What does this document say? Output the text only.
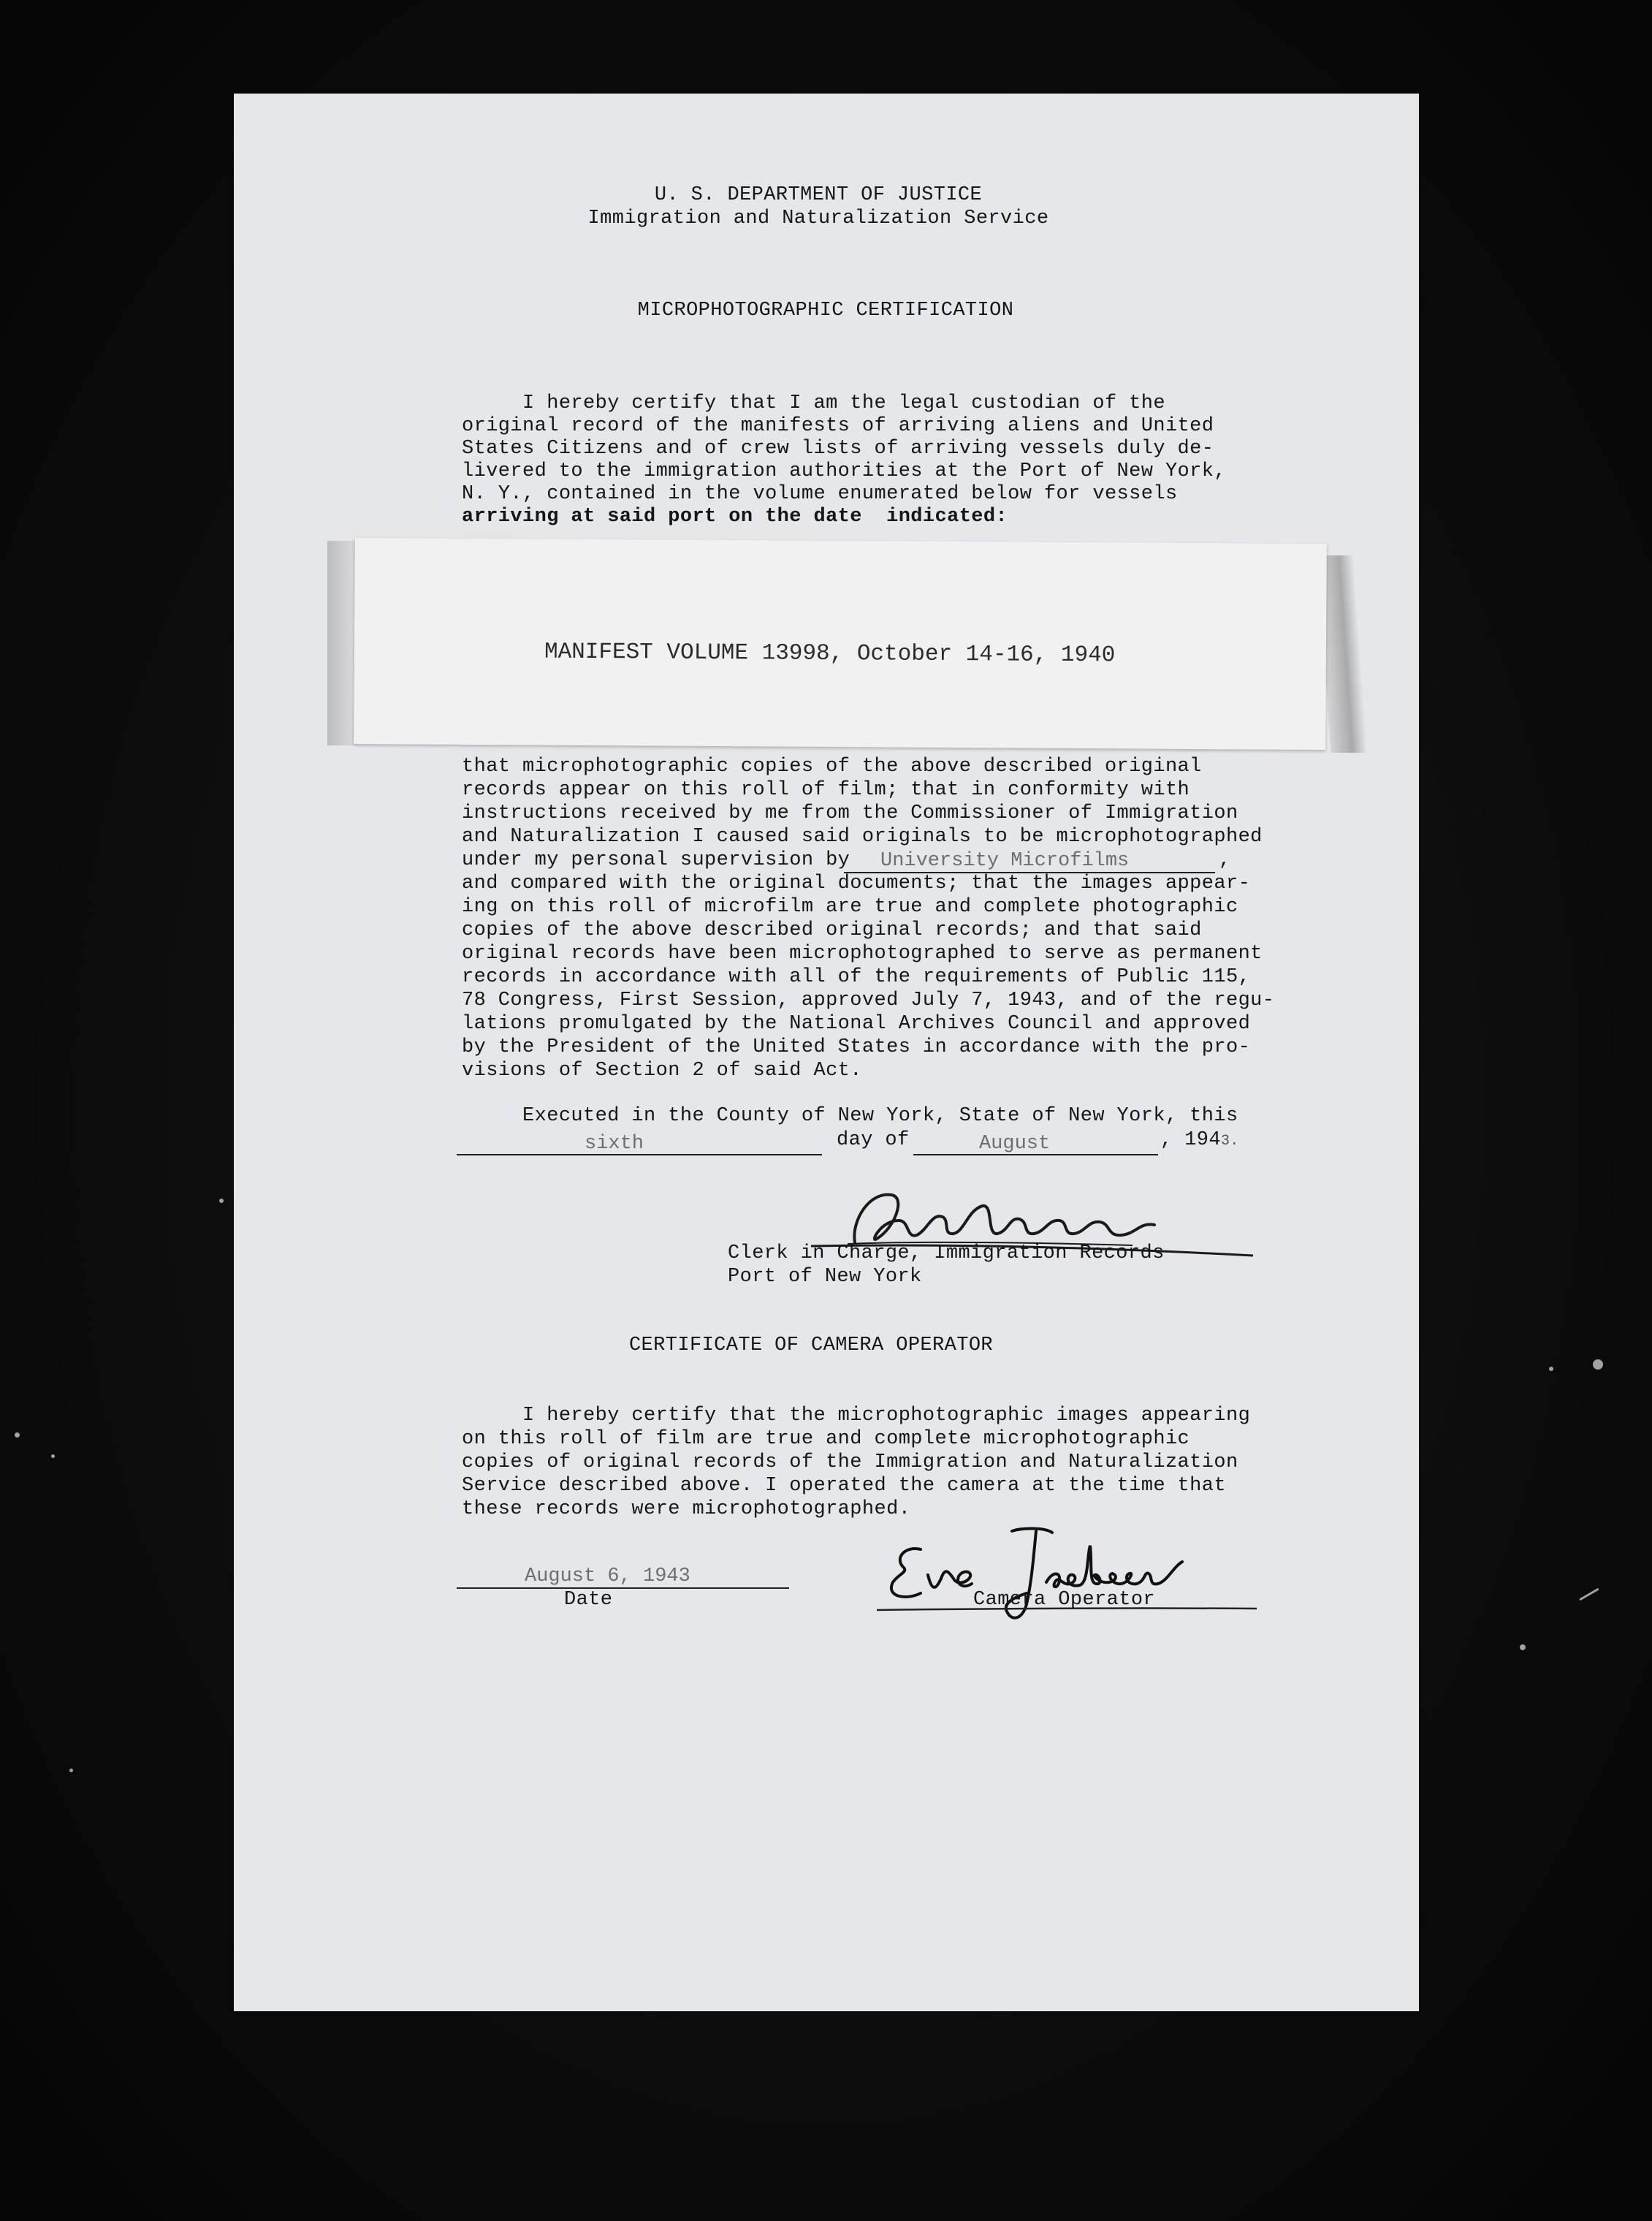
U. S. DEPARTMENT OF JUSTICE
Immigration and Naturalization Service
MICROPHOTOGRAPHIC CERTIFICATION
I hereby certify that I am the legal custodian of the
original record of the manifests of arriving aliens and United
States Citizens and of crew lists of arriving vessels duly de-
livered to the immigration authorities at the Port of New York,
N. Y., contained in the volume enumerated below for vessels
arriving at said port on the date  indicated:
MANIFEST VOLUME 13998, October 14-16, 1940
that microphotographic copies of the above described original
records appear on this roll of film; that in conformity with
instructions received by me from the Commissioner of Immigration
and Naturalization I caused said originals to be microphotographed
under my personal supervision by University Microfilms	,
and compared with the original documents; that the images appear-
ing on this roll of microfilm are true and complete photographic
copies of the above described original records; and that said
original records have been microphotographed to serve as permanent
records in accordance with all of the requirements of Public 115,
78 Congress, First Session, approved July 7, 1943, and of the regu-
lations promulgated by the National Archives Council and approved
by the President of the United States in accordance with the pro-
visions of Section 2 of said Act.
Executed in the County of New York, State of New York, this
sixth	day of	August	, 1943.
Clerk in Charge, Immigration Records
Port of New York
CERTIFICATE OF CAMERA OPERATOR
I hereby certify that the microphotographic images appearing
on this roll of film are true and complete microphotographic
copies of original records of the Immigration and Naturalization
Service described above. I operated the camera at the time that
these records were microphotographed.
August 6, 1943
Date	Camera Operator
